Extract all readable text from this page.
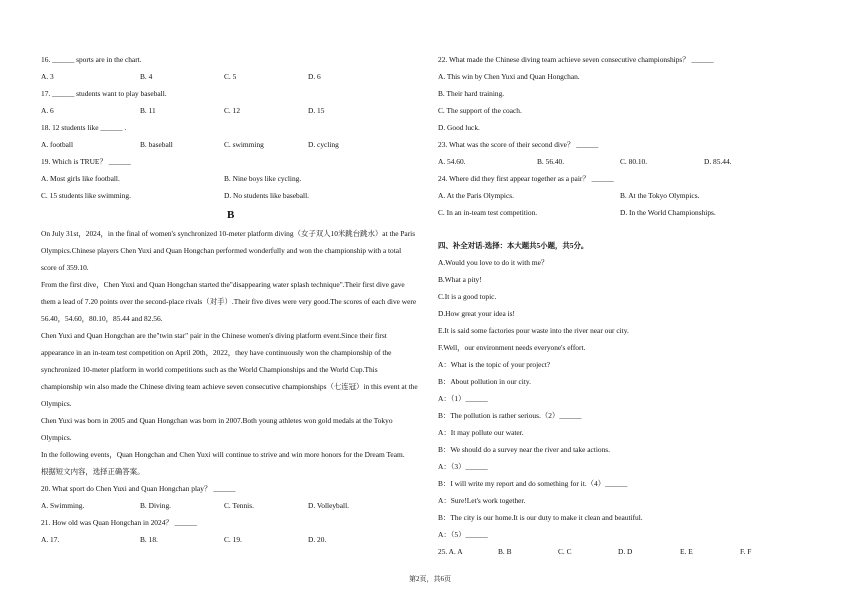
16. ______ sports are in the chart.
A. 3	B. 4	C. 5	D. 6
17. ______ students want to play baseball.
A. 6	B. 11	C. 12	D. 15
18. 12 students like ______ .
A. football	B. baseball	C. swimming	D. cycling
19. Which is TRUE？ ______
A. Most girls like football.	B. Nine boys like cycling.
C. 15 students like swimming.	D. No students like baseball.
B
On July 31st，2024，in the final of women's synchronized 10-meter platform diving（女子双人10米跳台跳水）at the Paris
Olympics.Chinese players Chen Yuxi and Quan Hongchan performed wonderfully and won the championship with a total
score of 359.10.
From the first dive，Chen Yuxi and Quan Hongchan started the"disappearing water splash technique".Their first dive gave
them a lead of 7.20 points over the second-place rivals（对手）.Their five dives were very good.The scores of each dive were
56.40，54.60，80.10，85.44 and 82.56.
Chen Yuxi and Quan Hongchan are the"twin star" pair in the Chinese women's diving platform event.Since their first
appearance in an in-team test competition on April 20th，2022，they have continuously won the championship of the
synchronized 10-meter platform in world competitions such as the World Championships and the World Cup.This
championship win also made the Chinese diving team achieve seven consecutive championships（七连冠）in this event at the
Olympics.
Chen Yuxi was born in 2005 and Quan Hongchan was born in 2007.Both young athletes won gold medals at the Tokyo
Olympics.
In the following events，Quan Hongchan and Chen Yuxi will continue to strive and win more honors for the Dream Team.
根据短文内容，选择正确答案。
20. What sport do Chen Yuxi and Quan Hongchan play？ ______
A. Swimming.	B. Diving.	C. Tennis.	D. Volleyball.
21. How old was Quan Hongchan in 2024？ ______
A. 17.	B. 18.	C. 19.	D. 20.
22. What made the Chinese diving team achieve seven consecutive championships？ ______
A. This win by Chen Yuxi and Quan Hongchan.
B. Their hard training.
C. The support of the coach.
D. Good luck.
23. What was the score of their second dive？ ______
A. 54.60.	B. 56.40.	C. 80.10.	D. 85.44.
24. Where did they first appear together as a pair？ ______
A. At the Paris Olympics.	B. At the Tokyo Olympics.
C. In an in-team test competition.	D. In the World Championships.
四、补全对话-选择：本大题共5小题，共5分。
A.Would you love to do it with me？
B.What a pity!
C.It is a good topic.
D.How great your idea is!
E.It is said some factories pour waste into the river near our city.
F.Well，our environment needs everyone's effort.
A：What is the topic of your project?
B：About pollution in our city.
A：（1）______
B：The pollution is rather serious.（2）______
A：It may pollute our water.
B：We should do a survey near the river and take actions.
A：（3）______
B：I will write my report and do something for it.（4）______
A：Sure!Let's work together.
B：The city is our home.It is our duty to make it clean and beautiful.
A：（5）______
25. A. A	B. B	C. C	D. D	E. E	F. F
第2页，共6页
